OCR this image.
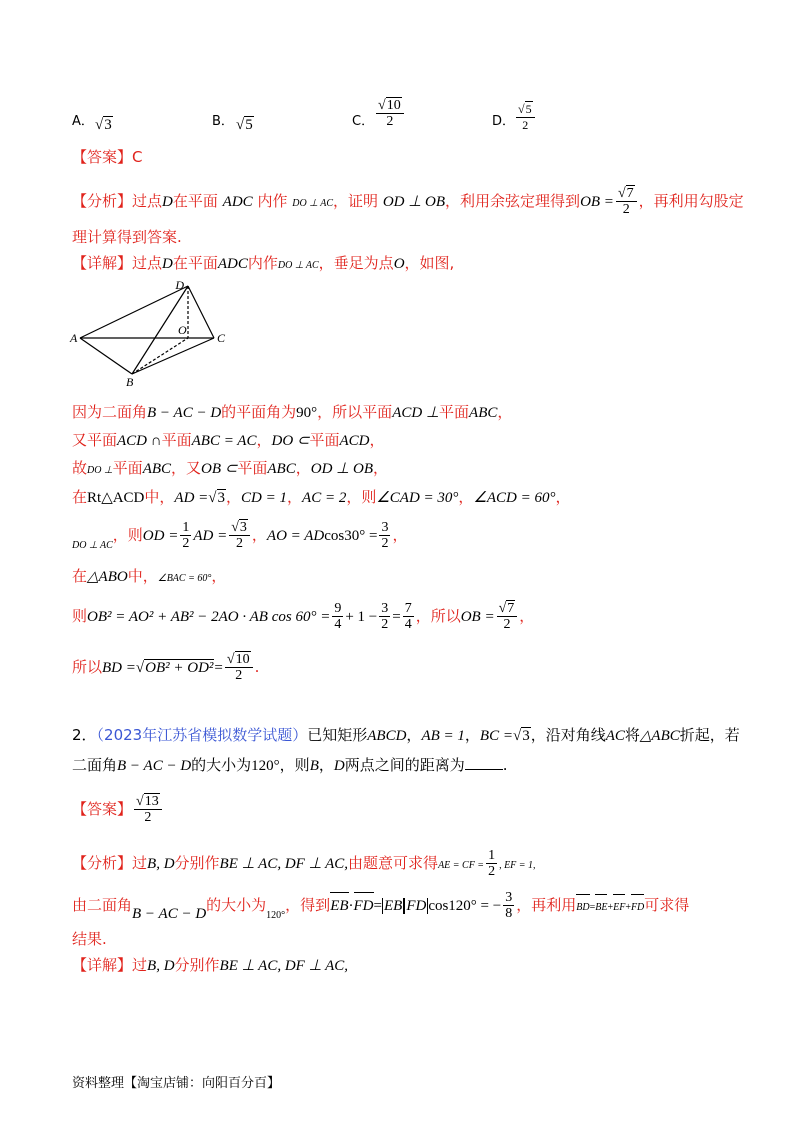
A． √3	B． √5	C． $\frac{√10}{2}$	D． $\frac{√5}{2}$
【答案】C
【分析】过点D在平面 ADC 内作 DO ⊥ AC，证明 OD ⊥ OB，利用余弦定理得到OB = $\frac{√7}{2}$ ，再利用勾股定
理计算得到答案.
【详解】过点D在平面ADC内作DO ⊥ AC，垂足为点O，如图,
D
A
O
C
B
因为二面角B − AC − D的平面角为90°，所以平面ACD ⊥平面ABC，
又平面ACD ∩平面ABC = AC，DO ⊂平面ACD，
故DO ⊥平面ABC，又OB ⊂平面ABC，OD ⊥ OB，
在Rt△ACD中，AD =√3，CD = 1，AC = 2，则∠CAD = 30°，∠ACD = 60°，
$_{DO \perp AC}$，则OD = $\frac{1}{2}$ AD = $\frac{√3}{2}$ ，AO = $ADcos30^\circ = \frac{3}{2}$ ，
在△ABO中，∠BAC = 60°，
则OB² = AO² + AB² − 2AO · AB $\cos 60^\circ = \frac{9}{4} + 1 - \frac{3}{2} = \frac{7}{4}$ ，所以OB = $\frac{√7}{2}$ ，
所以BD $=√OB^2 + OD^2= \frac{√10}{2}$ .
2．（2023年江苏省模拟数学试题）已知矩形ABCD，AB = 1，BC =√3，沿对角线AC将△ABC折起，若
二面角B − AC − D的大小为120°，则B，D两点之间的距离为	.
【答案】 $\frac{√13}{2}$
【分析】过B, D分别作BE ⊥ AC, DF ⊥ AC,由题意可求得AE = CF = $\frac{1}{2}$ , EF = 1,
由二面角B − AC − D的大小为$_{120^\circ}$，得到EB·FD= EB FD cos120° = − $\frac{3}{8}$ ，再利用BD=BE+EF+FD可求得
结果.
【详解】过B, D分别作BE ⊥ AC, DF ⊥ AC,
资料整理【淘宝店铺：向阳百分百】
